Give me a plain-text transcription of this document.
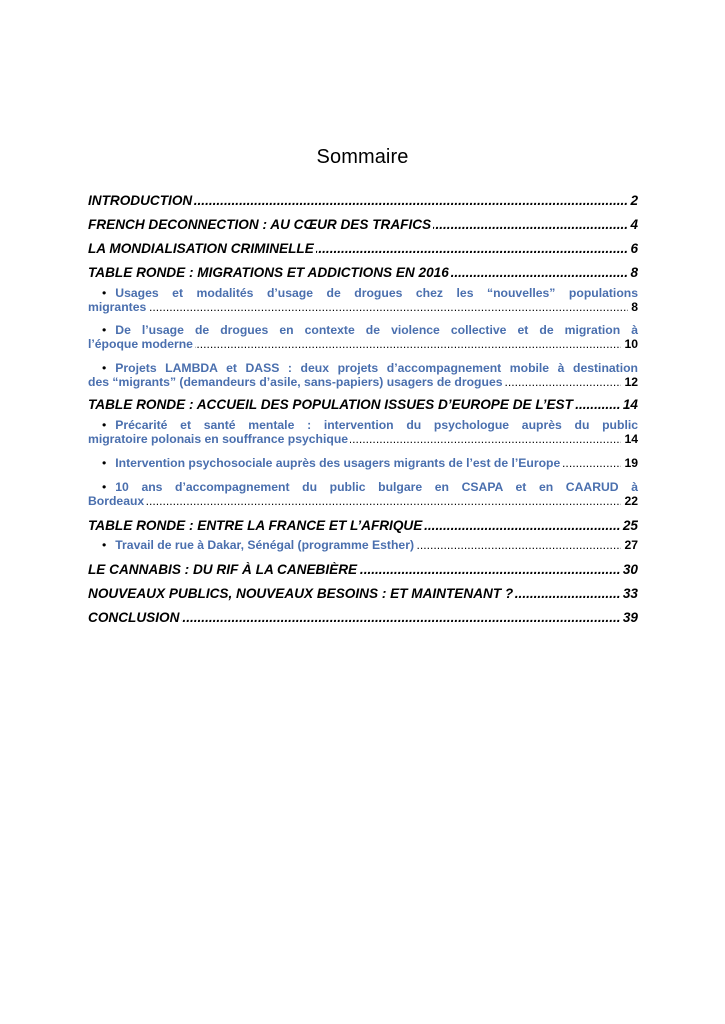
Sommaire
.....
INTRODUCTION	2
.....
FRENCH DECONNECTION : AU CŒUR DES TRAFICS	4
.....
LA MONDIALISATION CRIMINELLE	6
.....
TABLE RONDE : MIGRATIONS ET ADDICTIONS EN 2016	8
• Usages et modalités d’usage de drogues chez les “nouvelles” populations
.....
migrantes	8
• De l’usage de drogues en contexte de violence collective et de migration à
.....
l’époque moderne	10
• Projets LAMBDA et DASS : deux projets d’accompagnement mobile à destination
.....
des “migrants” (demandeurs d’asile, sans-papiers) usagers de drogues	12
.....
TABLE RONDE : ACCUEIL DES POPULATION ISSUES D’EUROPE DE L’EST	14
• Précarité et santé mentale : intervention du psychologue auprès du public
.....
migratoire polonais en souffrance psychique	14
.....
• Intervention psychosociale auprès des usagers migrants de l’est de l’Europe	19
• 10 ans d’accompagnement du public bulgare en CSAPA et en CAARUD à
.....
Bordeaux	22
.....
TABLE RONDE : ENTRE LA FRANCE ET L’AFRIQUE	25
.....
• Travail de rue à Dakar, Sénégal (programme Esther)	27
.....
LE CANNABIS : DU RIF À LA CANEBIÈRE	30
.....
NOUVEAUX PUBLICS, NOUVEAUX BESOINS : ET MAINTENANT ?	33
.....
CONCLUSION	39
